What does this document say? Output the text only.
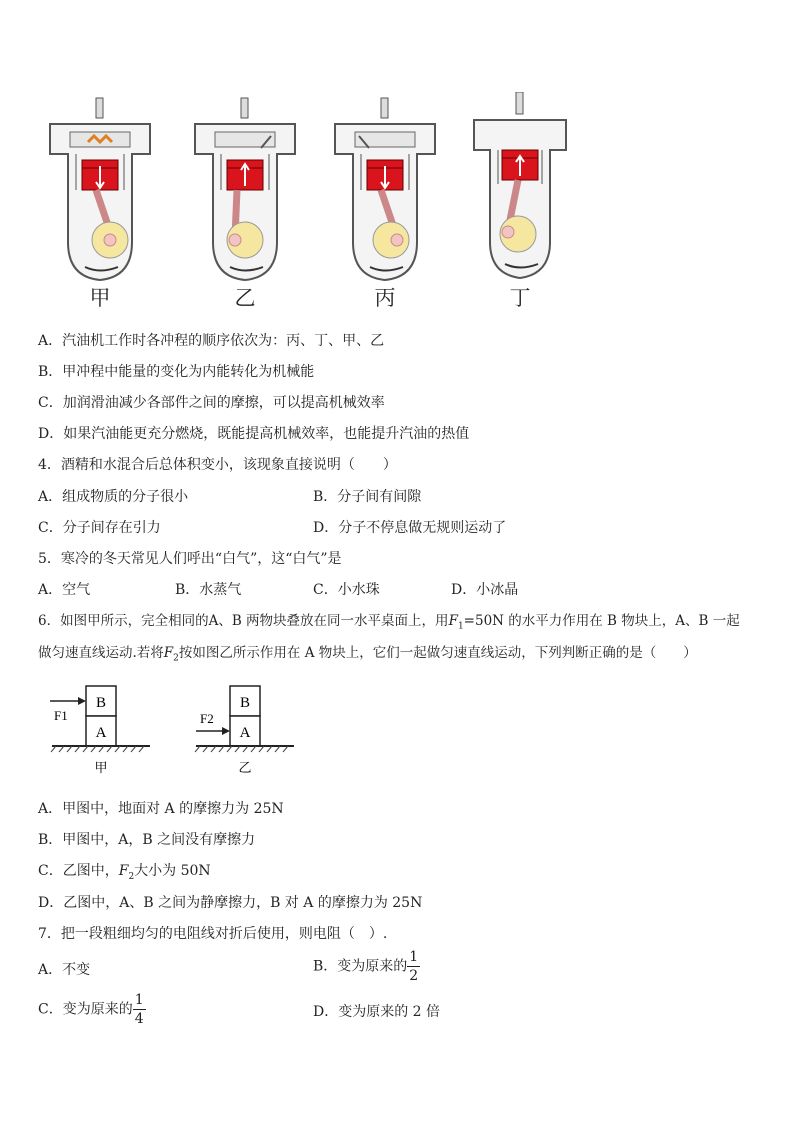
甲	乙	丙	丁
A．汽油机工作时各冲程的顺序依次为：丙、丁、甲、乙
B．甲冲程中能量的变化为内能转化为机械能
C．加润滑油减少各部件之间的摩擦，可以提高机械效率
D．如果汽油能更充分燃烧，既能提高机械效率，也能提升汽油的热值
4．酒精和水混合后总体积变小，该现象直接说明（　　）
A．组成物质的分子很小	B．分子间有间隙
C．分子间存在引力	D．分子不停息做无规则运动了
5．寒冷的冬天常见人们呼出“白气”，这“白气”是
A．空气	B．水蒸气	C．小水珠	D．小冰晶
6．如图甲所示，完全相同的A、B 两物块叠放在同一水平桌面上，用$F_1=50N$ 的水平力作用在 B 物块上，A、B 一起
做匀速直线运动.若将$F_2$按如图乙所示作用在 A 物块上，它们一起做匀速直线运动，下列判断正确的是（　　）
B
A
F1
甲
B
A
F2
乙
A．甲图中，地面对 A 的摩擦力为 25N
B．甲图中，A，B 之间没有摩擦力
C．乙图中，$F_2$大小为 50N
D．乙图中，A、B 之间为静摩擦力，B 对 A 的摩擦力为 25N
7．把一段粗细均匀的电阻线对折后使用，则电阻（　）.
A．不变	B．变为原来的 $\frac{1}{2}$
C．变为原来的 $\frac{1}{4}$	D．变为原来的 2 倍
